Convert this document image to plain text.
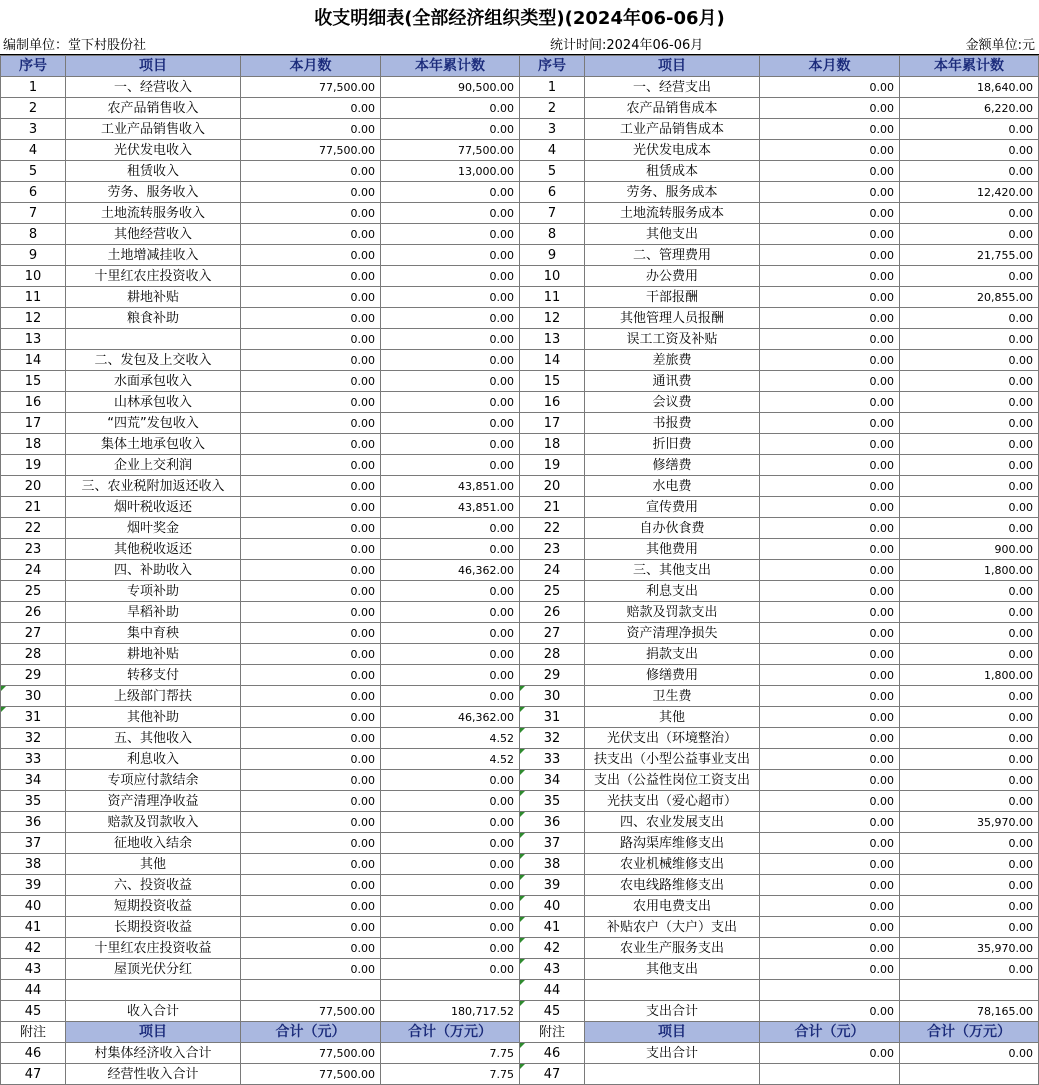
收支明细表(全部经济组织类型)(2024年06-06月)
编制单位：堂下村股份社	统计时间:2024年06-06月	金额单位:元
序号	项目	本月数	本年累计数	序号	项目	本月数	本年累计数
1	一、经营收入	77,500.00	90,500.00	1	一、经营支出	0.00	18,640.00
2	农产品销售收入	0.00	0.00	2	农产品销售成本	0.00	6,220.00
3	工业产品销售收入	0.00	0.00	3	工业产品销售成本	0.00	0.00
4	光伏发电收入	77,500.00	77,500.00	4	光伏发电成本	0.00	0.00
5	租赁收入	0.00	13,000.00	5	租赁成本	0.00	0.00
6	劳务、服务收入	0.00	0.00	6	劳务、服务成本	0.00	12,420.00
7	土地流转服务收入	0.00	0.00	7	土地流转服务成本	0.00	0.00
8	其他经营收入	0.00	0.00	8	其他支出	0.00	0.00
9	土地增减挂收入	0.00	0.00	9	二、管理费用	0.00	21,755.00
10	十里红农庄投资收入	0.00	0.00	10	办公费用	0.00	0.00
11	耕地补贴	0.00	0.00	11	干部报酬	0.00	20,855.00
12	粮食补助	0.00	0.00	12	其他管理人员报酬	0.00	0.00
13		0.00	0.00	13	误工工资及补贴	0.00	0.00
14	二、发包及上交收入	0.00	0.00	14	差旅费	0.00	0.00
15	水面承包收入	0.00	0.00	15	通讯费	0.00	0.00
16	山林承包收入	0.00	0.00	16	会议费	0.00	0.00
17	“四荒”发包收入	0.00	0.00	17	书报费	0.00	0.00
18	集体土地承包收入	0.00	0.00	18	折旧费	0.00	0.00
19	企业上交利润	0.00	0.00	19	修缮费	0.00	0.00
20	三、农业税附加返还收入	0.00	43,851.00	20	水电费	0.00	0.00
21	烟叶税收返还	0.00	43,851.00	21	宣传费用	0.00	0.00
22	烟叶奖金	0.00	0.00	22	自办伙食费	0.00	0.00
23	其他税收返还	0.00	0.00	23	其他费用	0.00	900.00
24	四、补助收入	0.00	46,362.00	24	三、其他支出	0.00	1,800.00
25	专项补助	0.00	0.00	25	利息支出	0.00	0.00
26	旱稻补助	0.00	0.00	26	赔款及罚款支出	0.00	0.00
27	集中育秧	0.00	0.00	27	资产清理净损失	0.00	0.00
28	耕地补贴	0.00	0.00	28	捐款支出	0.00	0.00
29	转移支付	0.00	0.00	29	修缮费用	0.00	1,800.00
30	上级部门帮扶	0.00	0.00	30	卫生费	0.00	0.00
31	其他补助	0.00	46,362.00	31	其他	0.00	0.00
32	五、其他收入	0.00	4.52	32	光伏支出（环境整治）	0.00	0.00
33	利息收入	0.00	4.52	33	扶支出（小型公益事业支出	0.00	0.00
34	专项应付款结余	0.00	0.00	34	支出（公益性岗位工资支出	0.00	0.00
35	资产清理净收益	0.00	0.00	35	光扶支出（爱心超市）	0.00	0.00
36	赔款及罚款收入	0.00	0.00	36	四、农业发展支出	0.00	35,970.00
37	征地收入结余	0.00	0.00	37	路沟渠库维修支出	0.00	0.00
38	其他	0.00	0.00	38	农业机械维修支出	0.00	0.00
39	六、投资收益	0.00	0.00	39	农电线路维修支出	0.00	0.00
40	短期投资收益	0.00	0.00	40	农用电费支出	0.00	0.00
41	长期投资收益	0.00	0.00	41	补贴农户（大户）支出	0.00	0.00
42	十里红农庄投资收益	0.00	0.00	42	农业生产服务支出	0.00	35,970.00
43	屋顶光伏分红	0.00	0.00	43	其他支出	0.00	0.00
44				44			
45	收入合计	77,500.00	180,717.52	45	支出合计	0.00	78,165.00
附注	项目	合计（元）	合计（万元）	附注	项目	合计（元）	合计（万元）
46	村集体经济收入合计	77,500.00	7.75	46	支出合计	0.00	0.00
47	经营性收入合计	77,500.00	7.75	47			
